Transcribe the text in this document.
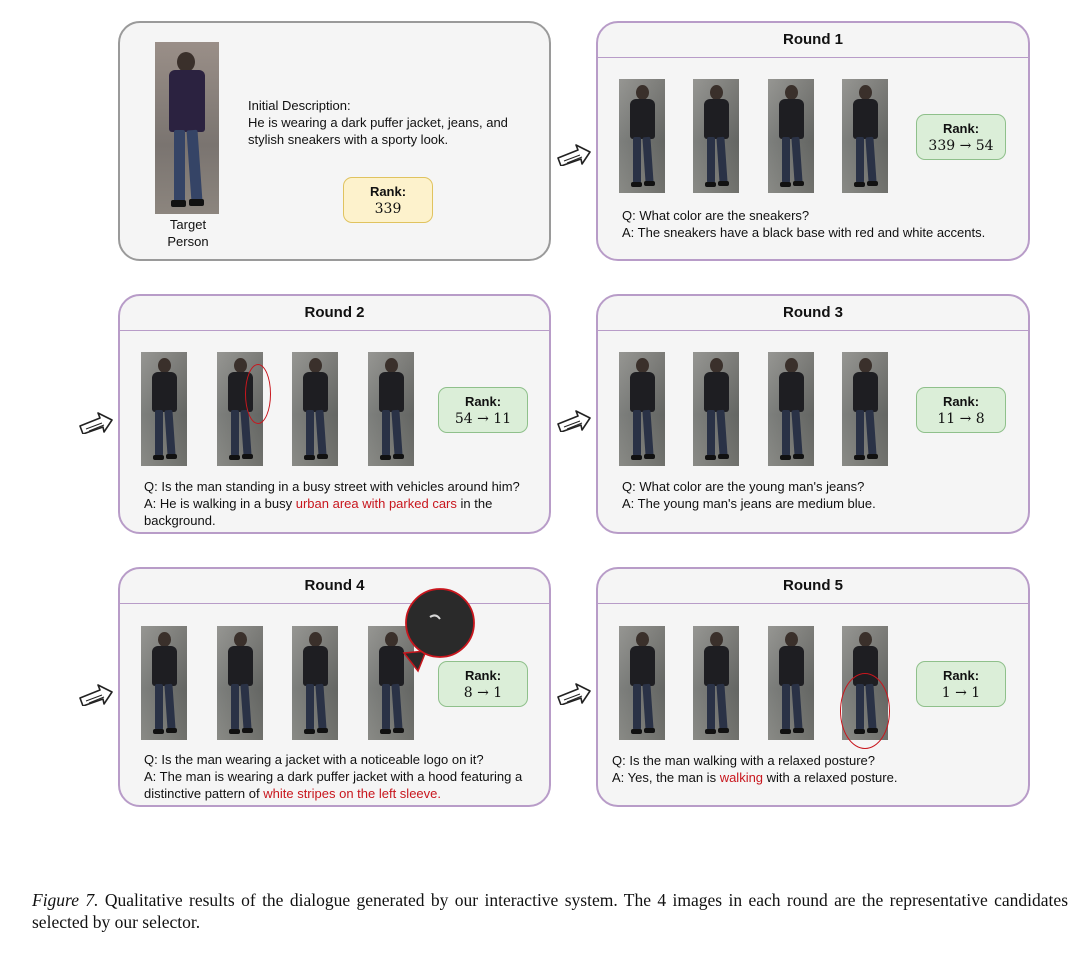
Target
Person
Initial Description:
He is wearing a dark puffer jacket, jeans, and stylish sneakers with a sporty look.
Rank:
339
Round 1
Rank:
339 → 54
Q: What color are the sneakers?
A: The sneakers have a black base with red and white accents.
Round 2
Rank:
54 → 11
Q: Is the man standing in a busy street with vehicles around him?
A: He is walking in a busy urban area with parked cars in the background.
Round 3
Rank:
11 → 8
Q: What color are the young man's jeans?
A: The young man's jeans are medium blue.
Round 4
Rank:
8 → 1
Q: Is the man wearing a jacket with a noticeable logo on it?
A: The man is wearing a dark puffer jacket with a hood featuring a distinctive pattern of white stripes on the left sleeve.
Round 5
Rank:
1 → 1
Q: Is the man walking with a relaxed posture?
A: Yes, the man is walking with a relaxed posture.
Figure 7. Qualitative results of the dialogue generated by our interactive system. The 4 images in each round are the representative candidates selected by our selector.
